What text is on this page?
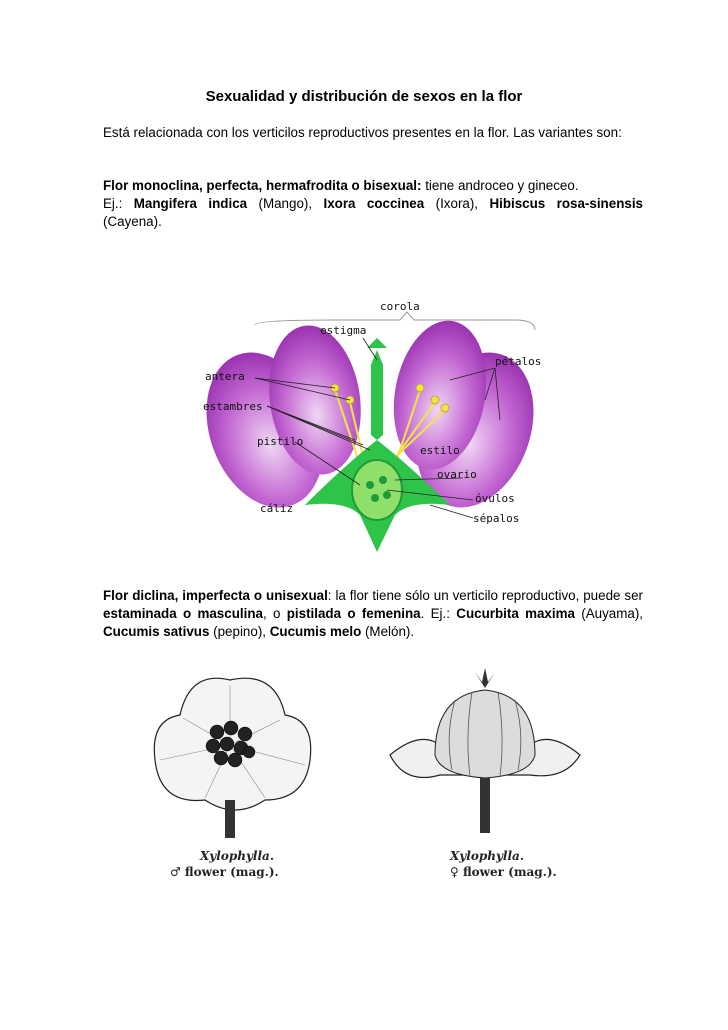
Sexualidad y distribución de sexos en la flor
Está relacionada con los verticilos reproductivos presentes en la flor. Las variantes son:
Flor monoclina, perfecta, hermafrodita o bisexual: tiene androceo y gineceo.
Ej.: Mangifera indica (Mango), Ixora coccinea (Ixora), Hibiscus rosa-sinensis (Cayena).
corola
estigma
pétalos
antera
estambres
pistilo
estilo
ovario
óvulos
cáliz
sépalos
Flor diclina, imperfecta o unisexual: la flor tiene sólo un verticilo reproductivo, puede ser estaminada o masculina, o pistilada o femenina. Ej.: Cucurbita maxima (Auyama), Cucumis sativus (pepino), Cucumis melo (Melón).
Xylophylla.
♂ flower (mag.).
Xylophylla.
♀ flower (mag.).
